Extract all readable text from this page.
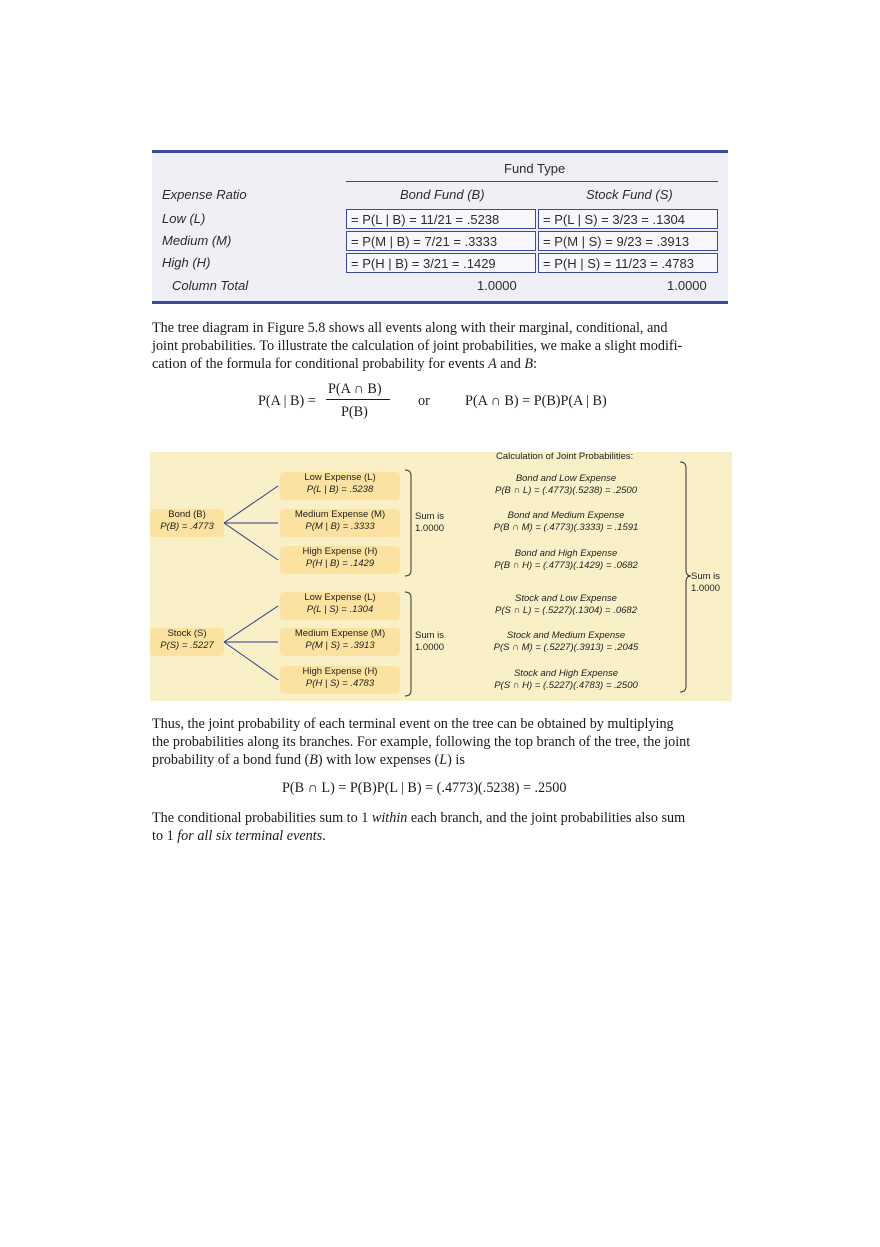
Fund Type
Expense Ratio	Bond Fund (B)	Stock Fund (S)
Low (L)	= P(L | B) = 11/21 = .5238	= P(L | S) = 3/23 = .1304
Medium (M)	= P(M | B) = 7/21 = .3333	= P(M | S) = 9/23 = .3913
High (H)	= P(H | B) = 3/21 = .1429	= P(H | S) = 11/23 = .4783
Column Total	1.0000	1.0000
The tree diagram in Figure 5.8 shows all events along with their marginal, conditional, and
joint probabilities. To illustrate the calculation of joint probabilities, we make a slight modifi-
cation of the formula for conditional probability for events A and B:
P(A | B) =
P(A ∩ B)
P(B)
or P(A ∩ B) = P(B)P(A | B)
Bond (B)
P(B) = .4773
Stock (S)
P(S) = .5227
Low Expense (L)
P(L | B) = .5238
Medium Expense (M)
P(M | B) = .3333
High Expense (H)
P(H | B) = .1429
Low Expense (L)
P(L | S) = .1304
Medium Expense (M)
P(M | S) = .3913
High Expense (H)
P(H | S) = .4783
Sum is
1.0000
Sum is
1.0000
Sum is
1.0000
Calculation of Joint Probabilities:
Bond and Low Expense
P(B ∩ L) = (.4773)(.5238) = .2500
Bond and Medium Expense
P(B ∩ M) = (.4773)(.3333) = .1591
Bond and High Expense
P(B ∩ H) = (.4773)(.1429) = .0682
Stock and Low Expense
P(S ∩ L) = (.5227)(.1304) = .0682
Stock and Medium Expense
P(S ∩ M) = (.5227)(.3913) = .2045
Stock and High Expense
P(S ∩ H) = (.5227)(.4783) = .2500
Thus, the joint probability of each terminal event on the tree can be obtained by multiplying
the probabilities along its branches. For example, following the top branch of the tree, the joint
probability of a bond fund (B) with low expenses (L) is
P(B ∩ L) = P(B)P(L | B) = (.4773)(.5238) = .2500
The conditional probabilities sum to 1 within each branch, and the joint probabilities also sum
to 1 for all six terminal events.
